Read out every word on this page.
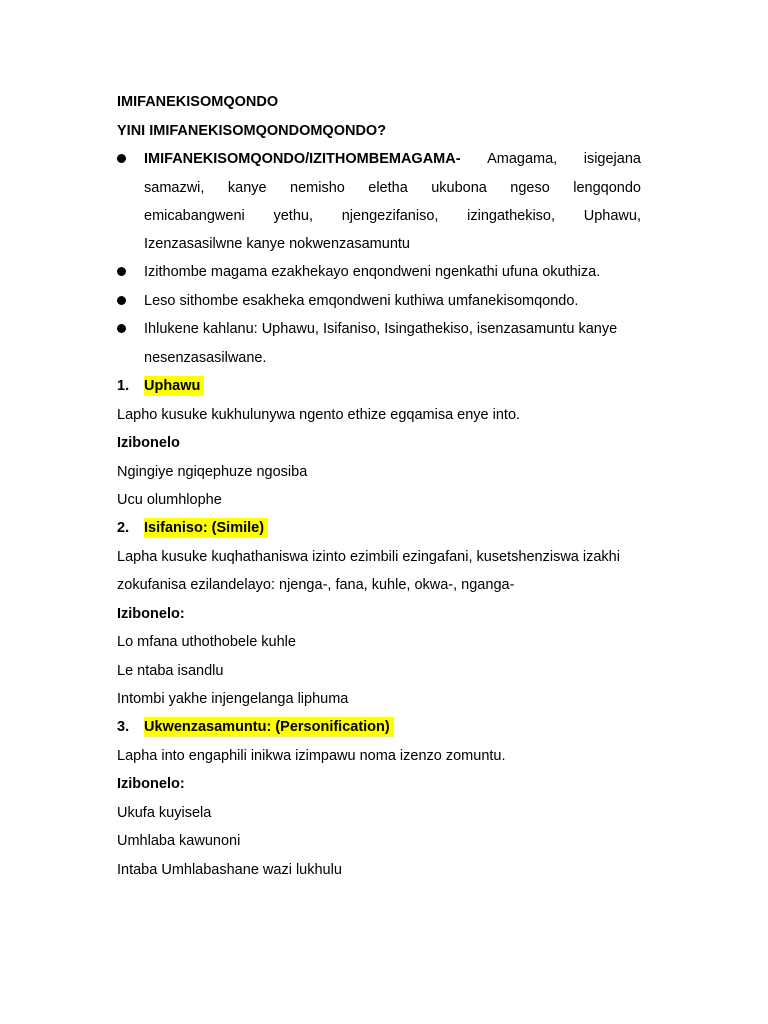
IMIFANEKISOMQONDO
YINI IMIFANEKISOMQONDOMQONDO?
IMIFANEKISOMQONDO/IZITHOMBEMAGAMA- Amagama, isigejana
samazwi, kanye nemisho eletha ukubona ngeso lengqondo
emicabangweni yethu, njengezifaniso, izingathekiso, Uphawu,
Izenzasasilwne kanye nokwenzasamuntu
Izithombe magama ezakhekayo enqondweni ngenkathi ufuna okuthiza.
Leso sithombe esakheka emqondweni kuthiwa umfanekisomqondo.
Ihlukene kahlanu: Uphawu, Isifaniso, Isingathekiso, isenzasamuntu kanye
nesenzasasilwane.
1. Uphawu
Lapho kusuke kukhulunywa ngento ethize egqamisa enye into.
Izibonelo
Ngingiye ngiqephuze ngosiba
Ucu olumhlophe
2. Isifaniso: (Simile)
Lapha kusuke kuqhathaniswa izinto ezimbili ezingafani, kusetshenziswa izakhi
zokufanisa ezilandelayo: njenga-, fana, kuhle, okwa-, nganga-
Izibonelo:
Lo mfana uthothobele kuhle
Le ntaba isandlu
Intombi yakhe injengelanga liphuma
3. Ukwenzasamuntu: (Personification)
Lapha into engaphili inikwa izimpawu noma izenzo zomuntu.
Izibonelo:
Ukufa kuyisela
Umhlaba kawunoni
Intaba Umhlabashane wazi lukhulu
